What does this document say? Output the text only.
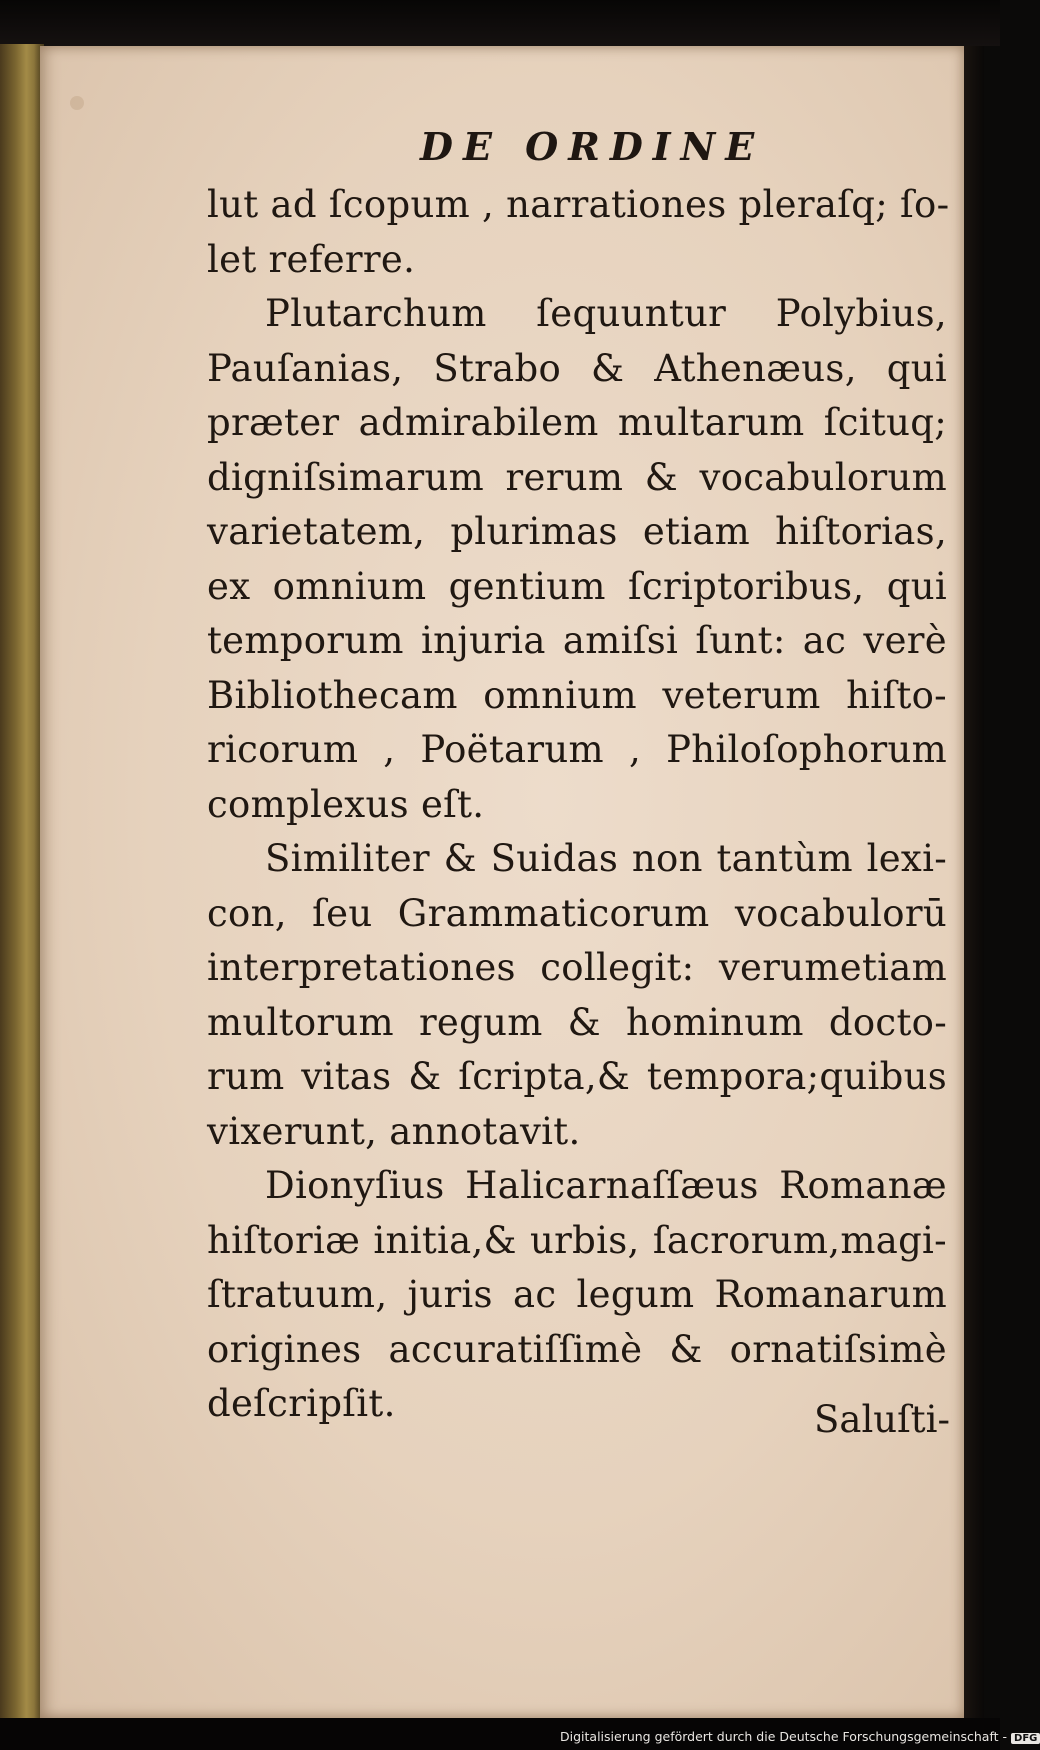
DE ORDINE
lut ad ſcopum , narrationes pleraſq; ſo-
let referre.
Plutarchum ſequuntur Polybius,
Pauſanias, Strabo & Athenæus, qui
præter admirabilem multarum ſcituq;
digniſsimarum rerum & vocabulorum
varietatem, plurimas etiam hiſtorias,
ex omnium gentium ſcriptoribus, qui
temporum injuria amiſsi ſunt: ac verè
Bibliothecam omnium veterum hiſto-
ricorum , Poëtarum , Philoſophorum
complexus eſt.
Similiter & Suidas non tantùm lexi-
con, ſeu Grammaticorum vocabulorū
interpretationes collegit: verumetiam
multorum regum & hominum docto-
rum vitas & ſcripta,& tempora;quibus
vixerunt, annotavit.
Dionyſius Halicarnaſſæus Romanæ
hiſtoriæ initia,& urbis, ſacrorum,magi-
ſtratuum, juris ac legum Romanarum
origines accuratiſſimè & ornatiſsimè
deſcripſit.	Saluſti-
Digitalisierung gefördert durch die Deutsche Forschungsgemeinschaft - DFG
